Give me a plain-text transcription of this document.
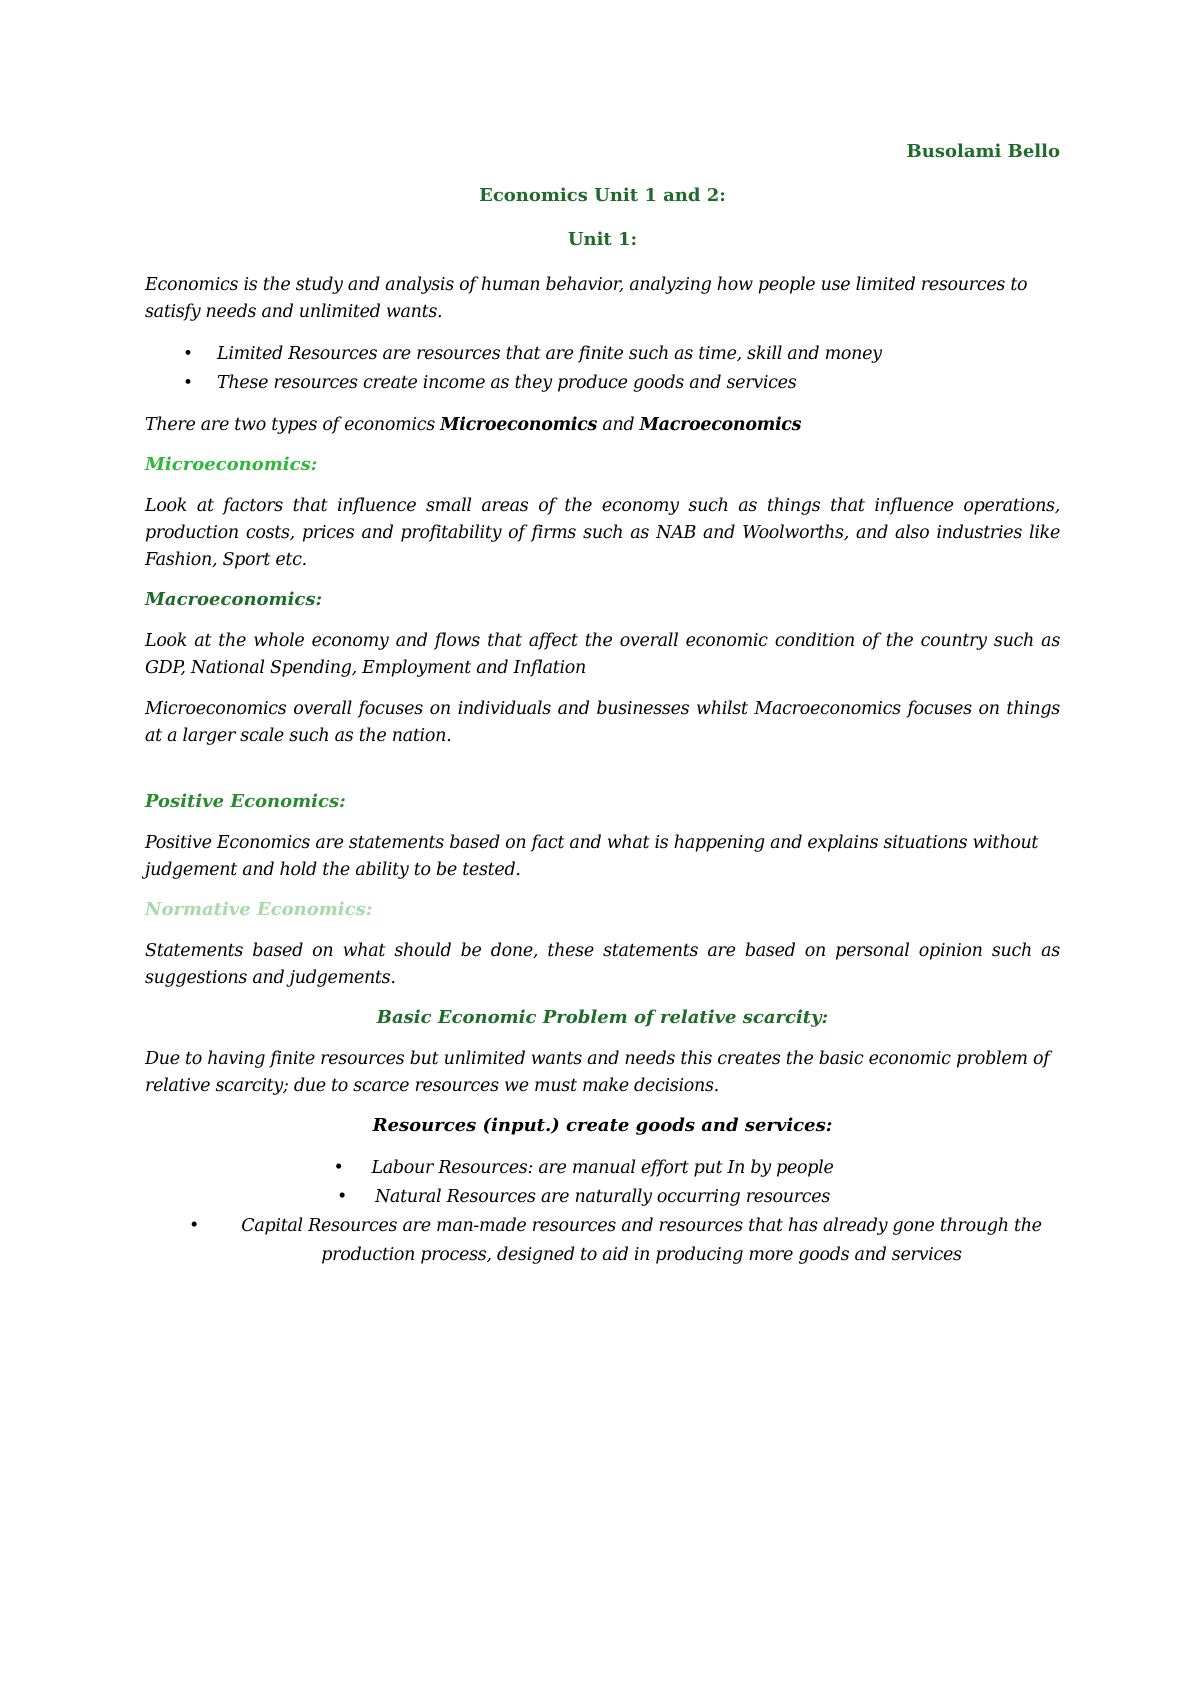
Busolami Bello

Economics Unit 1 and 2:

Unit 1:

Economics is the study and analysis of human behavior, analyzing how people use limited resources to satisfy needs and unlimited wants.

• Limited Resources are resources that are finite such as time, skill and money
• These resources create income as they produce goods and services

There are two types of economics Microeconomics and Macroeconomics

Microeconomics:

Look at factors that influence small areas of the economy such as things that influence operations, production costs, prices and profitability of firms such as NAB and Woolworths, and also industries like Fashion, Sport etc.

Macroeconomics:

Look at the whole economy and flows that affect the overall economic condition of the country such as GDP, National Spending, Employment and Inflation

Microeconomics overall focuses on individuals and businesses whilst Macroeconomics focuses on things at a larger scale such as the nation.

Positive Economics:

Positive Economics are statements based on fact and what is happening and explains situations without judgement and hold the ability to be tested.

Normative Economics:

Statements based on what should be done, these statements are based on personal opinion such as suggestions and judgements.

Basic Economic Problem of relative scarcity:

Due to having finite resources but unlimited wants and needs this creates the basic economic problem of relative scarcity; due to scarce resources we must make decisions.

Resources (input.) create goods and services:

• Labour Resources: are manual effort put In by people
• Natural Resources are naturally occurring resources
• Capital Resources are man-made resources and resources that has already gone through the production process, designed to aid in producing more goods and services
